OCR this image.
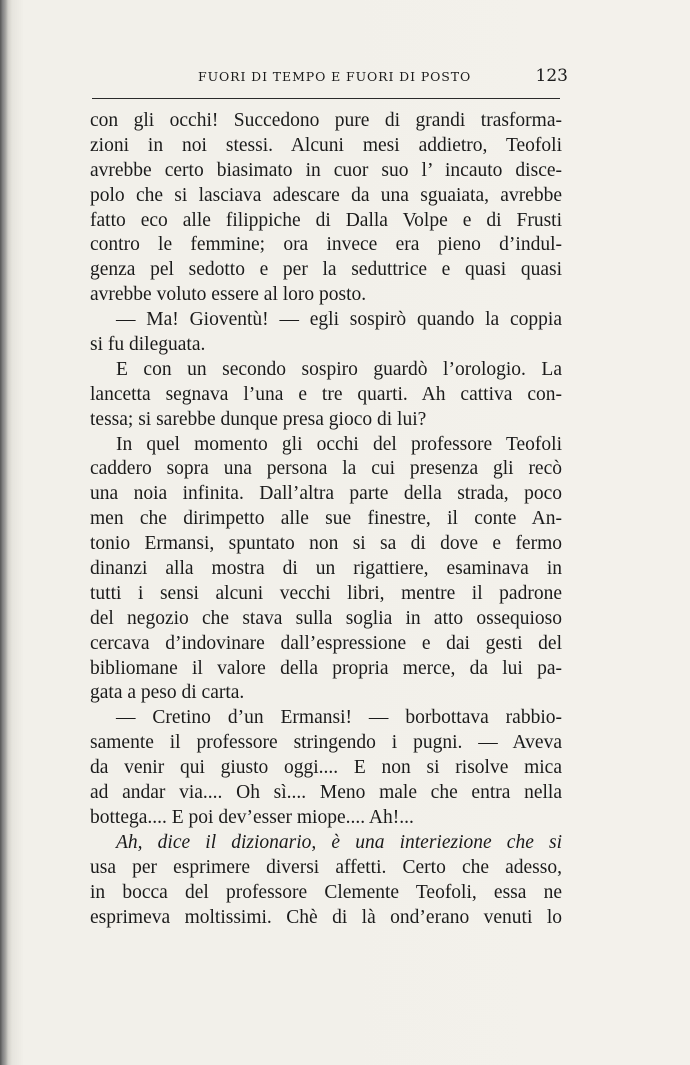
FUORI DI TEMPO E FUORI DI POSTO	123
con gli occhi! Succedono pure di grandi trasforma-
zioni in noi stessi. Alcuni mesi addietro, Teofoli
avrebbe certo biasimato in cuor suo l’ incauto disce-
polo che si lasciava adescare da una sguaiata, avrebbe
fatto eco alle filippiche di Dalla Volpe e di Frusti
contro le femmine; ora invece era pieno d’indul-
genza pel sedotto e per la seduttrice e quasi quasi
avrebbe voluto essere al loro posto.
— Ma! Gioventù! — egli sospirò quando la coppia
si fu dileguata.
E con un secondo sospiro guardò l’orologio. La
lancetta segnava l’una e tre quarti. Ah cattiva con-
tessa; si sarebbe dunque presa gioco di lui?
In quel momento gli occhi del professore Teofoli
caddero sopra una persona la cui presenza gli recò
una noia infinita. Dall’altra parte della strada, poco
men che dirimpetto alle sue finestre, il conte An-
tonio Ermansi, spuntato non si sa di dove e fermo
dinanzi alla mostra di un rigattiere, esaminava in
tutti i sensi alcuni vecchi libri, mentre il padrone
del negozio che stava sulla soglia in atto ossequioso
cercava d’indovinare dall’espressione e dai gesti del
bibliomane il valore della propria merce, da lui pa-
gata a peso di carta.
— Cretino d’un Ermansi! — borbottava rabbio-
samente il professore stringendo i pugni. — Aveva
da venir qui giusto oggi.... E non si risolve mica
ad andar via.... Oh sì.... Meno male che entra nella
bottega.... E poi dev’esser miope.... Ah!...
Ah, dice il dizionario, è una interiezione che si
usa per esprimere diversi affetti. Certo che adesso,
in bocca del professore Clemente Teofoli, essa ne
esprimeva moltissimi. Chè di là ond’erano venuti lo
